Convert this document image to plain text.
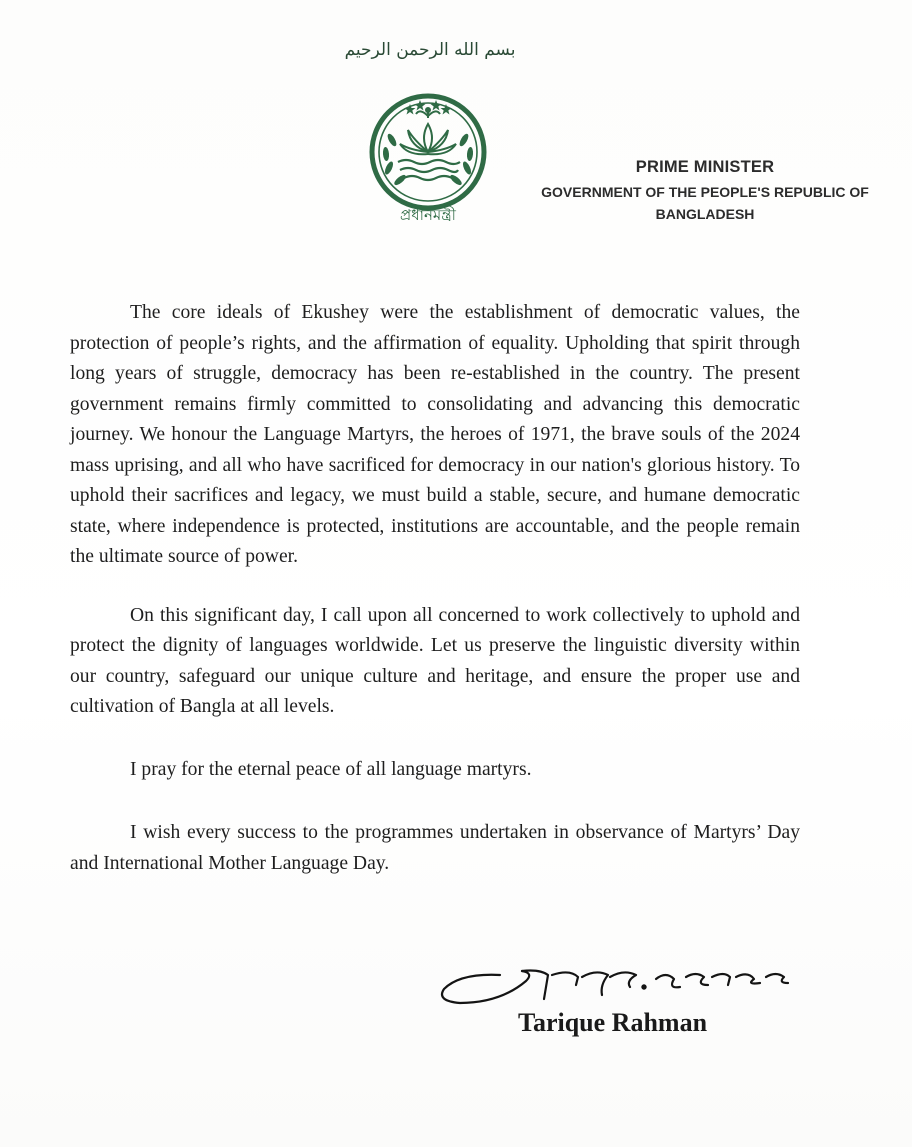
بسم الله الرحمن الرحيم
প্রধানমন্ত্রী
PRIME MINISTER
GOVERNMENT OF THE PEOPLE'S REPUBLIC OF
BANGLADESH

The core ideals of Ekushey were the establishment of democratic values, the protection of people’s rights, and the affirmation of equality. Upholding that spirit through long years of struggle, democracy has been re-established in the country. The present government remains firmly committed to consolidating and advancing this democratic journey. We honour the Language Martyrs, the heroes of 1971, the brave souls of the 2024 mass uprising, and all who have sacrificed for democracy in our nation's glorious history. To uphold their sacrifices and legacy, we must build a stable, secure, and humane democratic state, where independence is protected, institutions are accountable, and the people remain the ultimate source of power.

On this significant day, I call upon all concerned to work collectively to uphold and protect the dignity of languages worldwide. Let us preserve the linguistic diversity within our country, safeguard our unique culture and heritage, and ensure the proper use and cultivation of Bangla at all levels.

I pray for the eternal peace of all language martyrs.

I wish every success to the programmes undertaken in observance of Martyrs’ Day and International Mother Language Day.

Tarique Rahman
